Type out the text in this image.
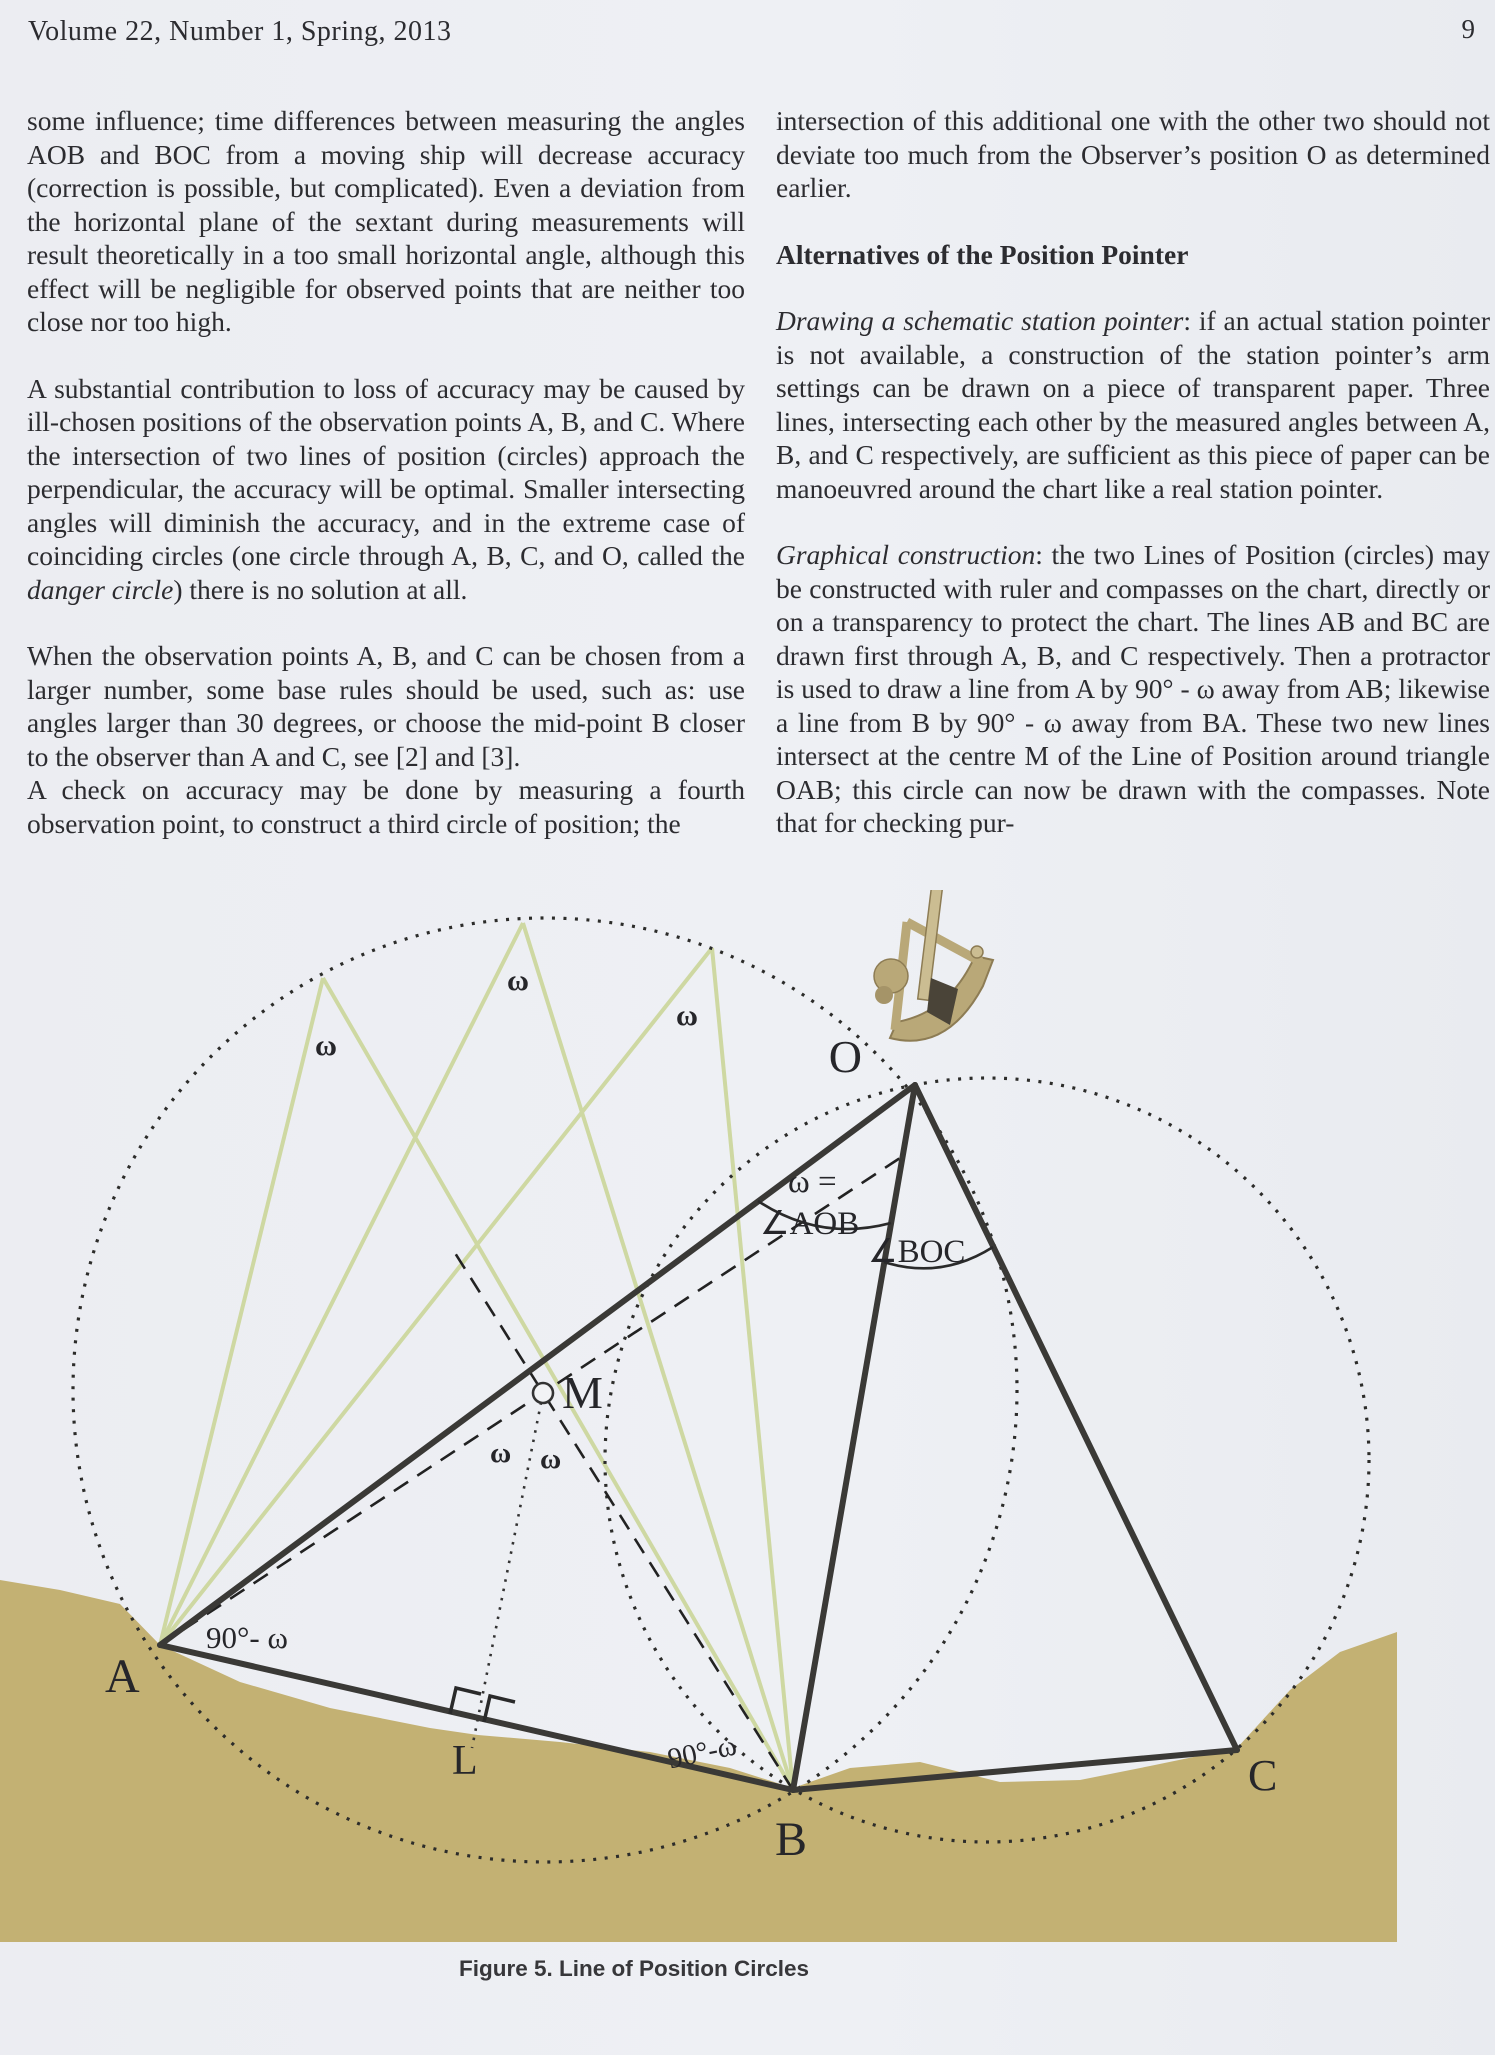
Volume 22, Number 1, Spring, 2013	9

some influence; time differences between measuring the angles AOB and BOC from a moving ship will decrease accuracy (correction is possible, but complicated). Even a deviation from the horizontal plane of the sextant during measurements will result theoretically in a too small horizontal angle, although this effect will be negligible for observed points that are neither too close nor too high.

A substantial contribution to loss of accuracy may be caused by ill-chosen positions of the observation points A, B, and C. Where the intersection of two lines of position (circles) approach the perpendicular, the accuracy will be optimal. Smaller intersecting angles will diminish the accuracy, and in the extreme case of coinciding circles (one circle through A, B, C, and O, called the danger circle) there is no solution at all.

When the observation points A, B, and C can be chosen from a larger number, some base rules should be used, such as: use angles larger than 30 degrees, or choose the mid-point B closer to the observer than A and C, see [2] and [3].

A check on accuracy may be done by measuring a fourth observation point, to construct a third circle of position; the

intersection of this additional one with the other two should not deviate too much from the Observer’s position O as determined earlier.

Alternatives of the Position Pointer

Drawing a schematic station pointer: if an actual station pointer is not available, a construction of the station pointer’s arm settings can be drawn on a piece of transparent paper. Three lines, intersecting each other by the measured angles between A, B, and C respectively, are sufficient as this piece of paper can be manoeuvred around the chart like a real station pointer.

Graphical construction: the two Lines of Position (circles) may be constructed with ruler and compasses on the chart, directly or on a transparency to protect the chart. The lines AB and BC are drawn first through A, B, and C respectively. Then a protractor is used to draw a line from A by 90° - ω away from AB; likewise a line from B by 90° - ω away from BA. These two new lines intersect at the centre M of the Line of Position around triangle OAB; this circle can now be drawn with the compasses. Note that for checking pur-

O
ω =
∠AOB
∠BOC
M
ω ω
ω
ω
ω
90°- ω
90°-ω
A
B
C
L
Figure 5. Line of Position Circles
